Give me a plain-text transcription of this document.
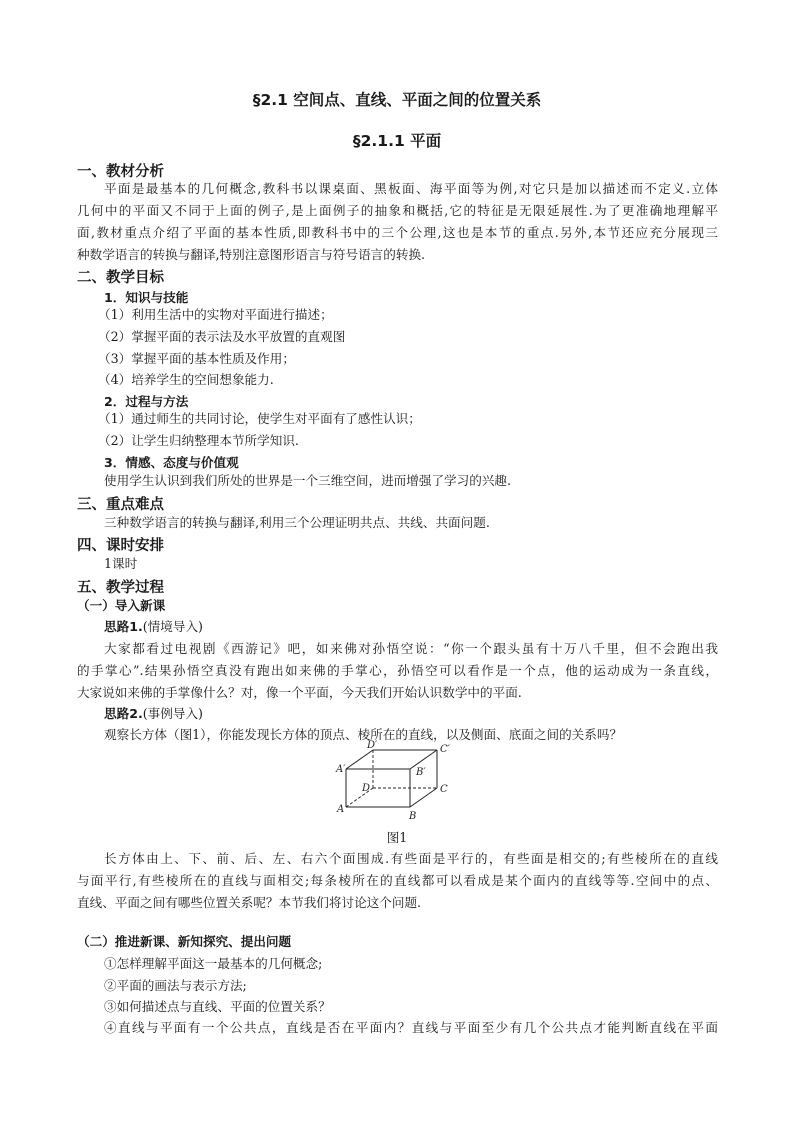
§2.1 空间点、直线、平面之间的位置关系
§2.1.1 平面
一、教材分析
平面是最基本的几何概念,教科书以课桌面、黑板面、海平面等为例,对它只是加以描述而不定义.立体
几何中的平面又不同于上面的例子,是上面例子的抽象和概括,它的特征是无限延展性.为了更准确地理解平
面,教材重点介绍了平面的基本性质,即教科书中的三个公理,这也是本节的重点.另外,本节还应充分展现三
种数学语言的转换与翻译,特别注意图形语言与符号语言的转换.
二、教学目标
1．知识与技能
（1）利用生活中的实物对平面进行描述；
（2）掌握平面的表示法及水平放置的直观图
（3）掌握平面的基本性质及作用；
（4）培养学生的空间想象能力.
2．过程与方法
（1）通过师生的共同讨论，使学生对平面有了感性认识；
（2）让学生归纳整理本节所学知识.
3．情感、态度与价值观
使用学生认识到我们所处的世界是一个三维空间，进而增强了学习的兴趣.
三、重点难点
三种数学语言的转换与翻译,利用三个公理证明共点、共线、共面问题.
四、课时安排
1课时
五、教学过程
（一）导入新课
思路1.(情境导入)
大家都看过电视剧《西游记》吧，如来佛对孙悟空说：“你一个跟头虽有十万八千里，但不会跑出我
的手掌心”.结果孙悟空真没有跑出如来佛的手掌心，孙悟空可以看作是一个点，他的运动成为一条直线，
大家说如来佛的手掌像什么？对，像一个平面，今天我们开始认识数学中的平面.
思路2.(事例导入)
观察长方体（图1），你能发现长方体的顶点、棱所在的直线，以及侧面、底面之间的关系吗？
D′	C′
A′	B′
D	C
A
B
图1
长方体由上、下、前、后、左、右六个面围成.有些面是平行的，有些面是相交的;有些棱所在的直线
与面平行,有些棱所在的直线与面相交;每条棱所在的直线都可以看成是某个面内的直线等等.空间中的点、
直线、平面之间有哪些位置关系呢？本节我们将讨论这个问题.
（二）推进新课、新知探究、提出问题
①怎样理解平面这一最基本的几何概念;
②平面的画法与表示方法;
③如何描述点与直线、平面的位置关系？
④直线与平面有一个公共点，直线是否在平面内？直线与平面至少有几个公共点才能判断直线在平面
